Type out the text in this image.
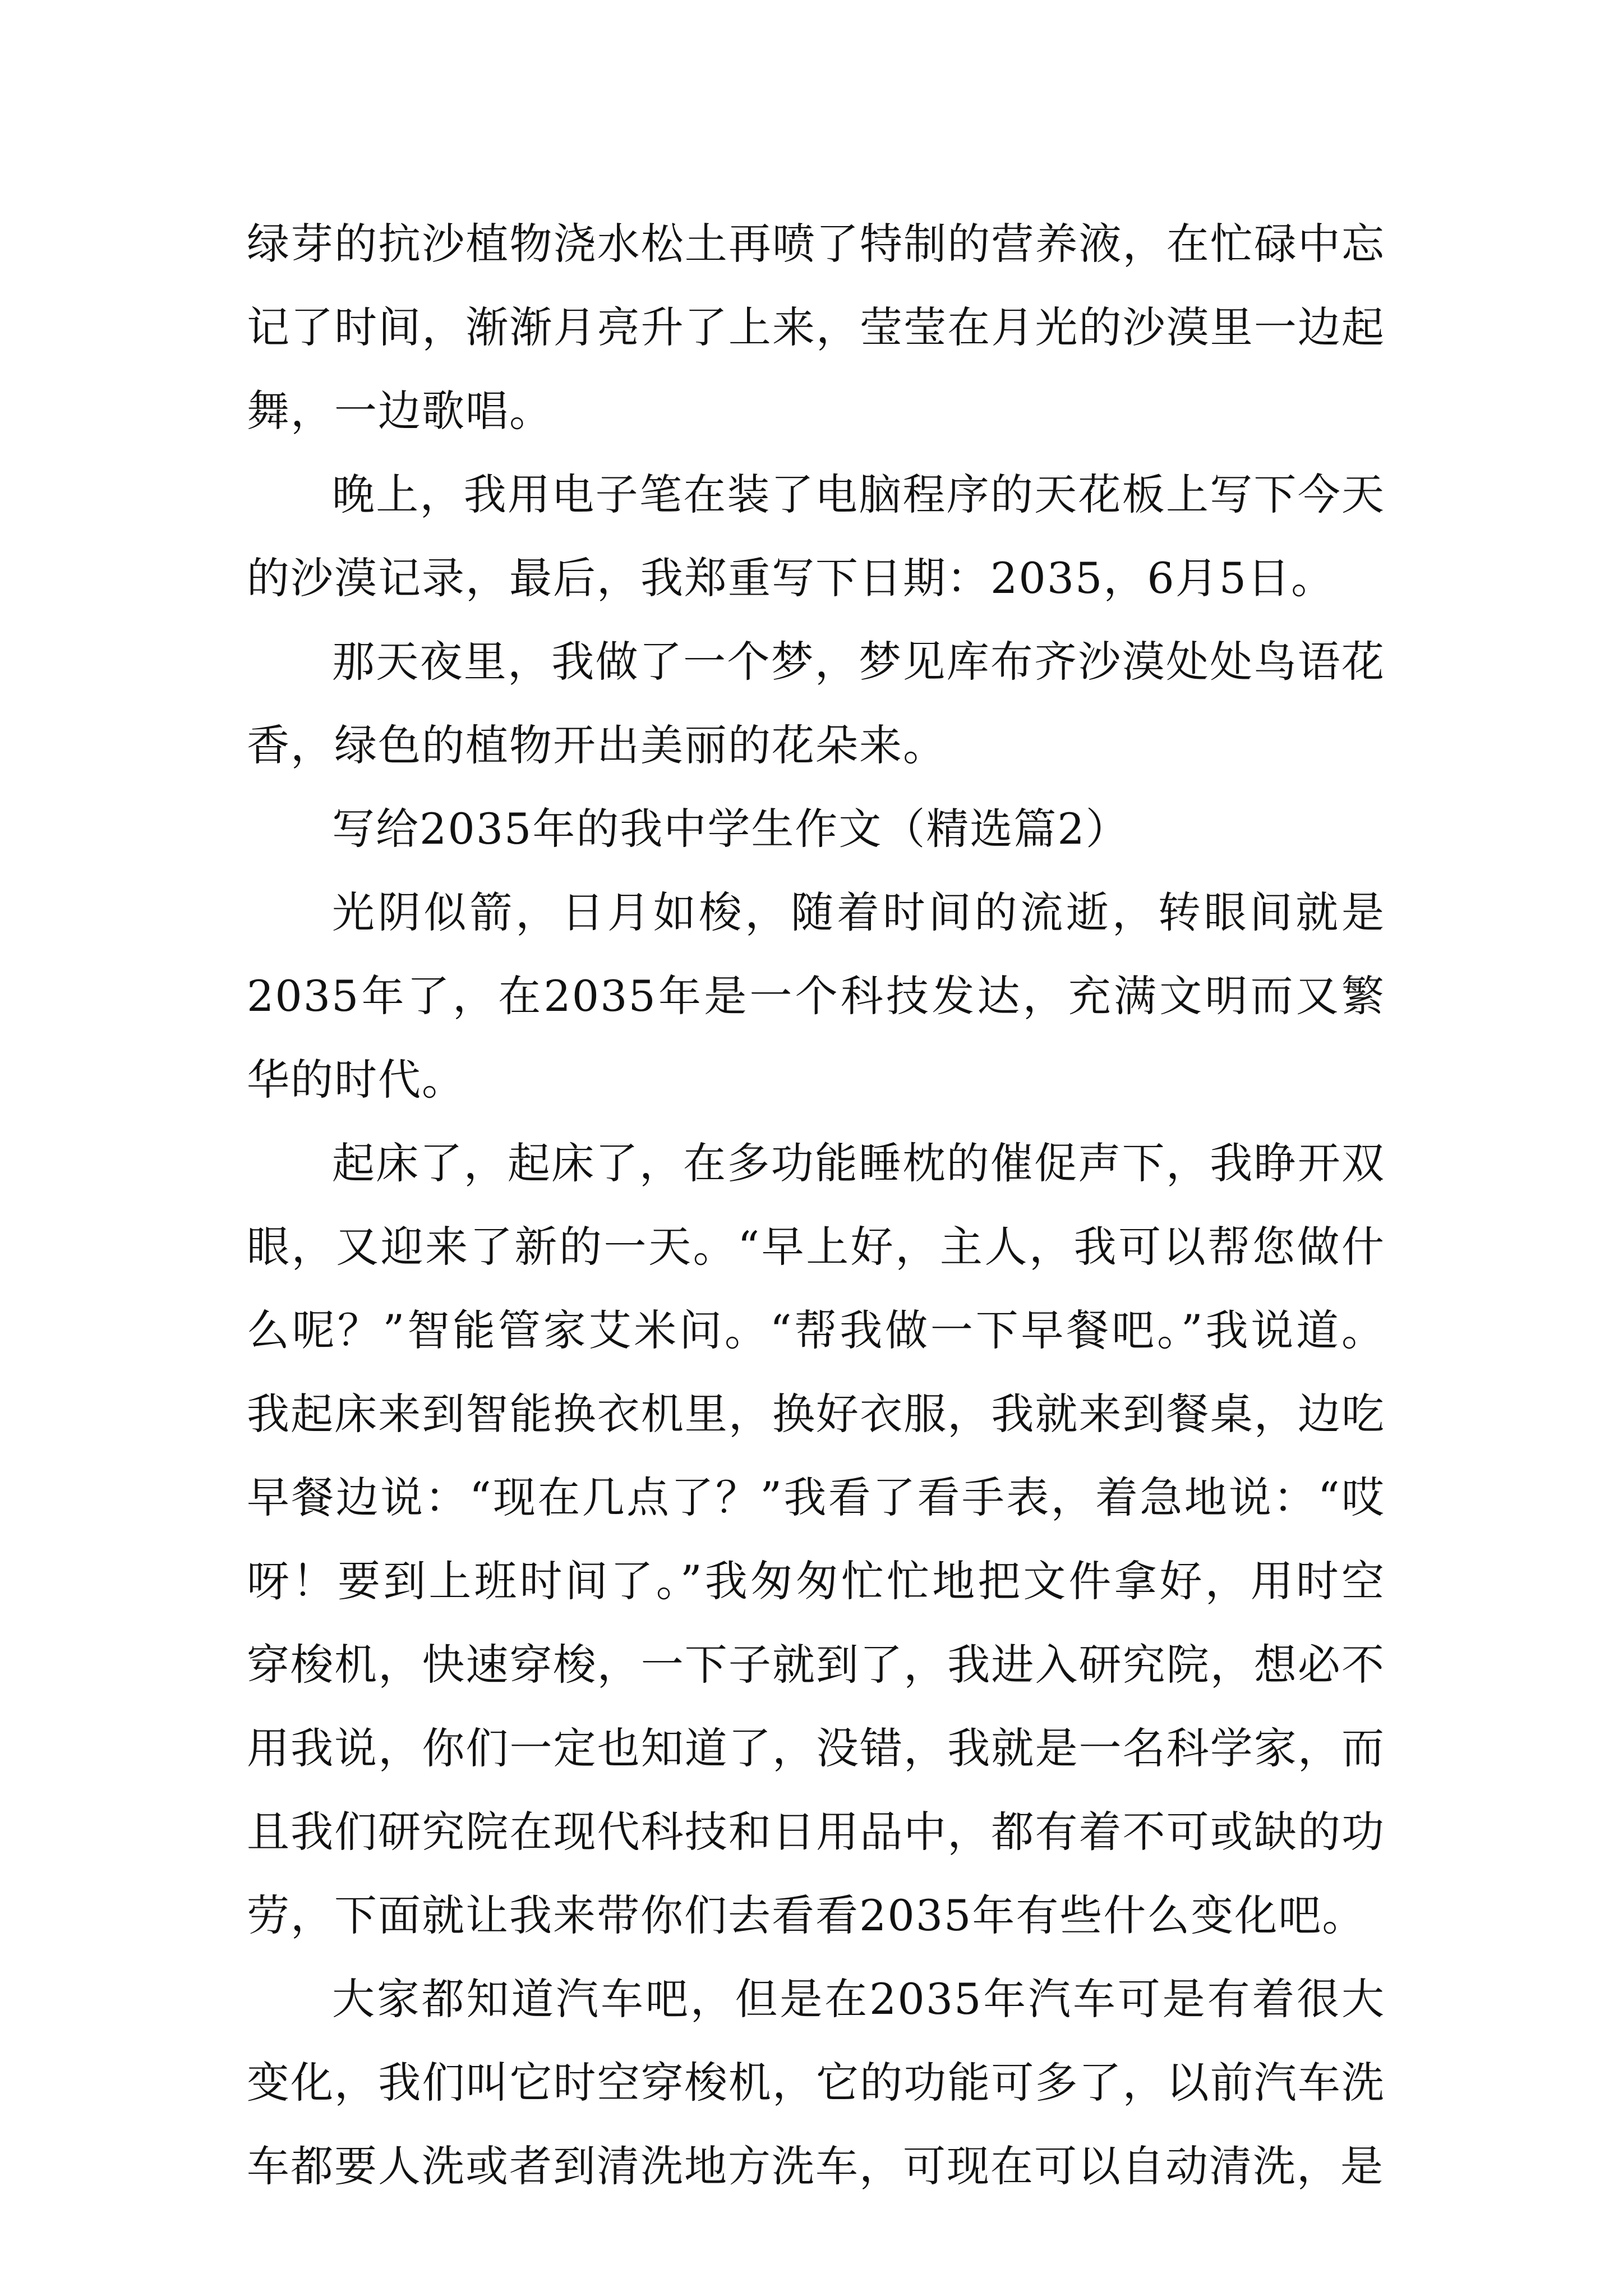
绿芽的抗沙植物浇水松土再喷了特制的营养液，在忙碌中忘记了时间，渐渐月亮升了上来，莹莹在月光的沙漠里一边起舞，一边歌唱。

晚上，我用电子笔在装了电脑程序的天花板上写下今天的沙漠记录，最后，我郑重写下日期：2035，6月5日。

那天夜里，我做了一个梦，梦见库布齐沙漠处处鸟语花香，绿色的植物开出美丽的花朵来。

写给2035年的我中学生作文（精选篇2）

光阴似箭，日月如梭，随着时间的流逝，转眼间就是2035年了，在2035年是一个科技发达，充满文明而又繁华的时代。

起床了，起床了，在多功能睡枕的催促声下，我睁开双眼，又迎来了新的一天。“早上好，主人，我可以帮您做什么呢？”智能管家艾米问。“帮我做一下早餐吧。”我说道。我起床来到智能换衣机里，换好衣服，我就来到餐桌，边吃早餐边说：“现在几点了？”我看了看手表，着急地说：“哎呀！要到上班时间了。”我匆匆忙忙地把文件拿好，用时空穿梭机，快速穿梭，一下子就到了，我进入研究院，想必不用我说，你们一定也知道了，没错，我就是一名科学家，而且我们研究院在现代科技和日用品中，都有着不可或缺的功劳，下面就让我来带你们去看看2035年有些什么变化吧。

大家都知道汽车吧，但是在2035年汽车可是有着很大变化，我们叫它时空穿梭机，它的功能可多了，以前汽车洗车都要人洗或者到清洗地方洗车，可现在可以自动清洗，是
